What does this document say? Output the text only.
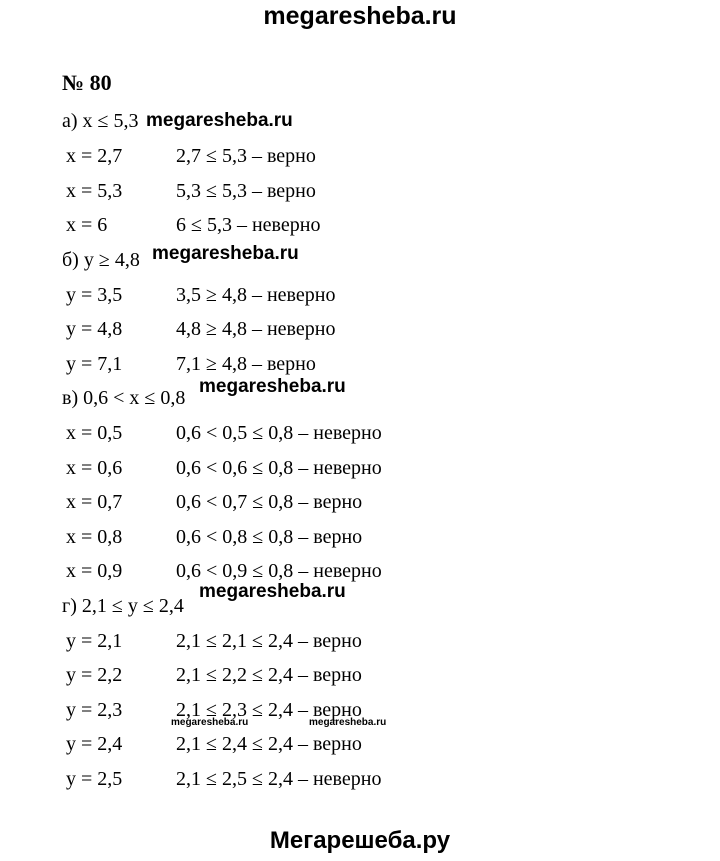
megaresheba.ru
№ 80
а) x ≤ 5,3
x = 2,7	2,7 ≤ 5,3 – верно
x = 5,3	5,3 ≤ 5,3 – верно
x = 6	6 ≤ 5,3 – неверно
б) y ≥ 4,8
y = 3,5	3,5 ≥ 4,8 – неверно
y = 4,8	4,8 ≥ 4,8 – неверно
y = 7,1	7,1 ≥ 4,8 – верно
в) 0,6 < x ≤ 0,8
x = 0,5	0,6 < 0,5 ≤ 0,8 – неверно
x = 0,6	0,6 < 0,6 ≤ 0,8 – неверно
x = 0,7	0,6 < 0,7 ≤ 0,8 – верно
x = 0,8	0,6 < 0,8 ≤ 0,8 – верно
x = 0,9	0,6 < 0,9 ≤ 0,8 – неверно
г) 2,1 ≤ y ≤ 2,4
y = 2,1	2,1 ≤ 2,1 ≤ 2,4 – верно
y = 2,2	2,1 ≤ 2,2 ≤ 2,4 – верно
y = 2,3	2,1 ≤ 2,3 ≤ 2,4 – верно
y = 2,4	2,1 ≤ 2,4 ≤ 2,4 – верно
y = 2,5	2,1 ≤ 2,5 ≤ 2,4 – неверно
megaresheba.ru
megaresheba.ru
megaresheba.ru
megaresheba.ru
megaresheba.ru	megaresheba.ru
Мегарешеба.ру
